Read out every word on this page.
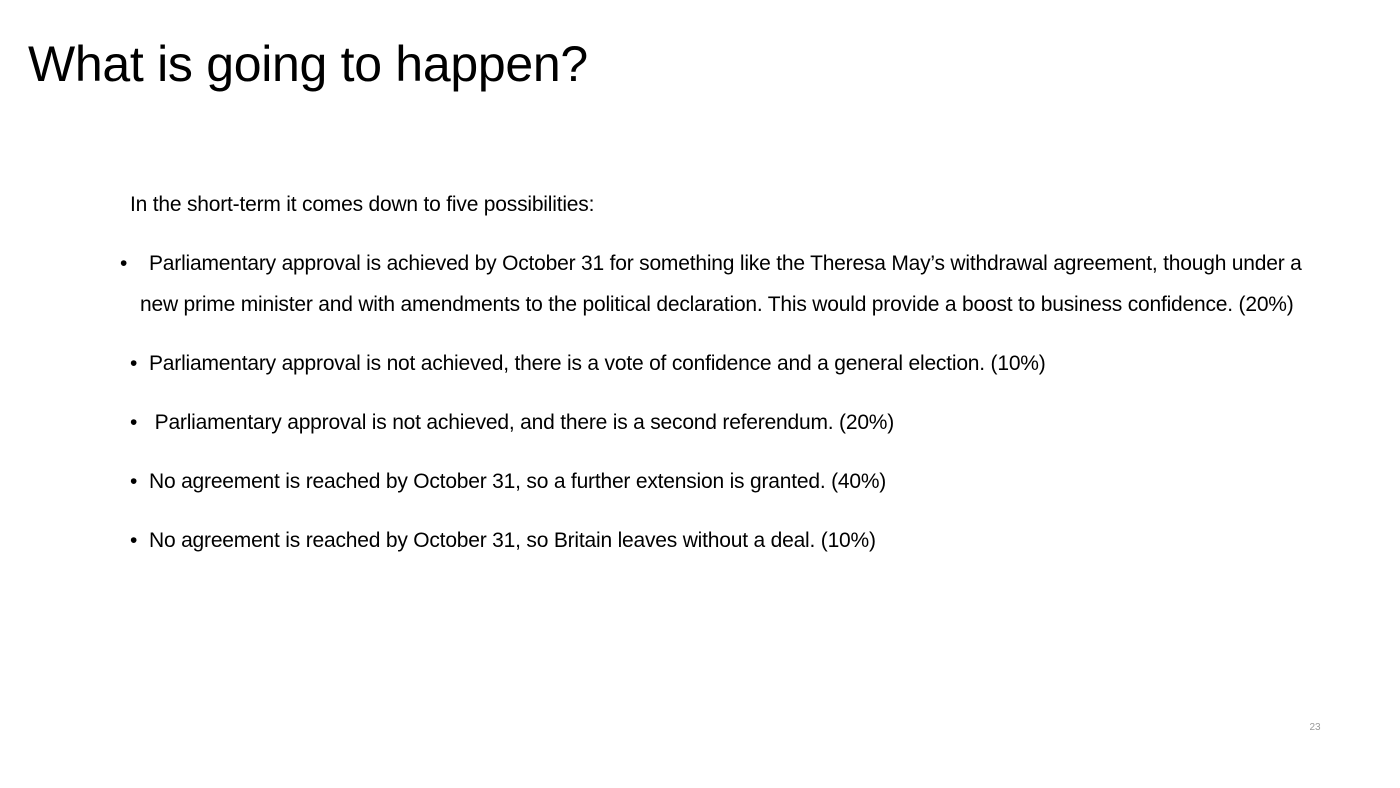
What is going to happen?

In the short-term it comes down to five possibilities:

• Parliamentary approval is achieved by October 31 for something like the Theresa May’s withdrawal agreement, though under a new prime minister and with amendments to the political declaration. This would provide a boost to business confidence. (20%)
• Parliamentary approval is not achieved, there is a vote of confidence and a general election. (10%)
• Parliamentary approval is not achieved, and there is a second referendum. (20%)
• No agreement is reached by October 31, so a further extension is granted. (40%)
• No agreement is reached by October 31, so Britain leaves without a deal. (10%)
23
